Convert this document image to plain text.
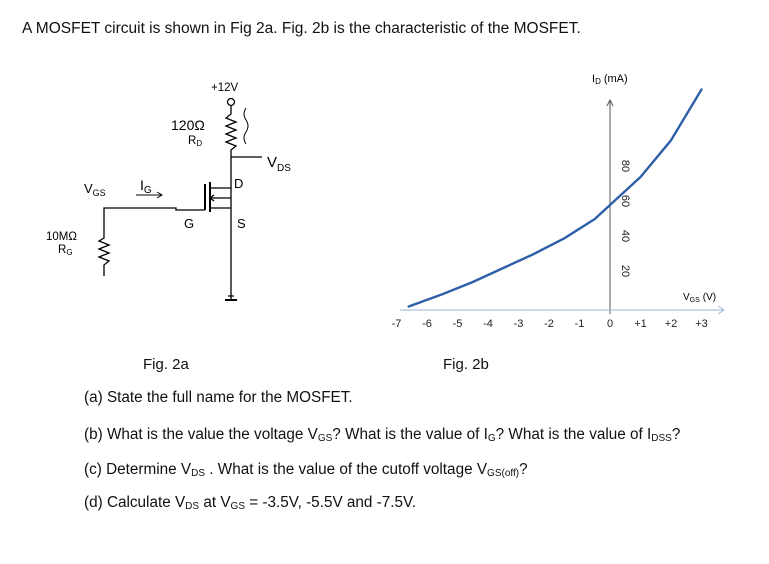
A MOSFET circuit is shown in Fig 2a. Fig. 2b is the characteristic of the MOSFET.
+12V
120Ω
RD
$V_{DS}$
$V_{GS}$ $I_G$
G
D
S
10MΩ
RG
-7 -6 -5 -4 -3 -2 -1 0 +1 +2 +3
80
60
40
20
ID (mA)
$V_{GS}$ (V)
Fig. 2a	Fig. 2b
(a) State the full name for the MOSFET.
(b) What is the value the voltage $V_{GS}$? What is the value of $I_G$? What is the value of $I_{DSS}$?
(c) Determine $V_{DS}$ . What is the value of the cutoff voltage $V_{GS(off)}$?
(d) Calculate $V_{DS}$ at $V_{GS} = -3.5V$, -5.5V and -7.5V.
